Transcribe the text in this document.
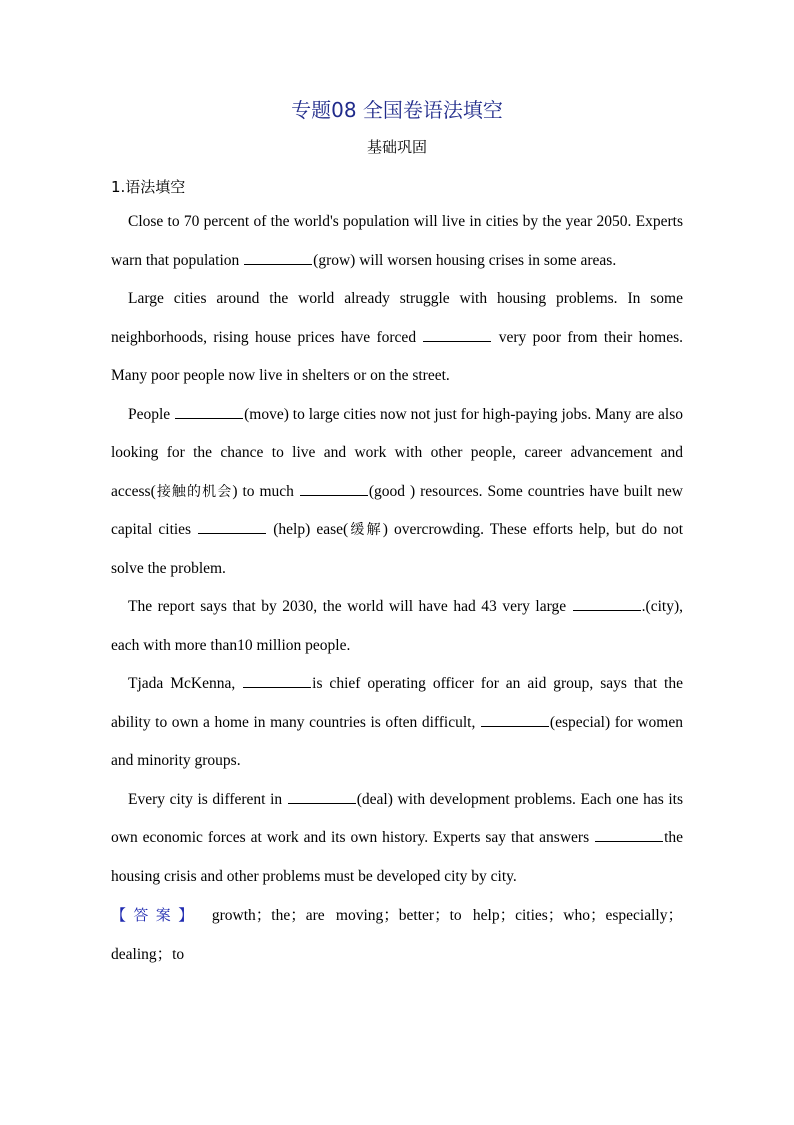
专题08 全国卷语法填空
基础巩固
1.语法填空

Close to 70 percent of the world's population will live in cities by the year 2050. Experts warn that population	(grow) will worsen housing crises in some areas.

Large cities around the world already struggle with housing problems. In some neighborhoods, rising house prices have forced	very poor from their homes. Many poor people now live in shelters or on the street.

People	(move) to large cities now not just for high-paying jobs. Many are also looking for the chance to live and work with other people, career advancement and access(接触的机会) to much	(good ) resources. Some countries have built new capital cities	(help) ease(缓解) overcrowding. These efforts help, but do not solve the problem.

The report says that by 2030, the world will have had 43 very large	.(city), each with more than10 million people.

Tjada McKenna,	is chief operating officer for an aid group, says that the ability to own a home in many countries is often difficult,	(especial) for women and minority groups.

Every city is different in	(deal) with development problems. Each one has its own economic forces at work and its own history. Experts say that answers	the housing crisis and other problems must be developed city by city.

【答案】 growth；the；are moving；better；to help；cities；who；especially；dealing；to
